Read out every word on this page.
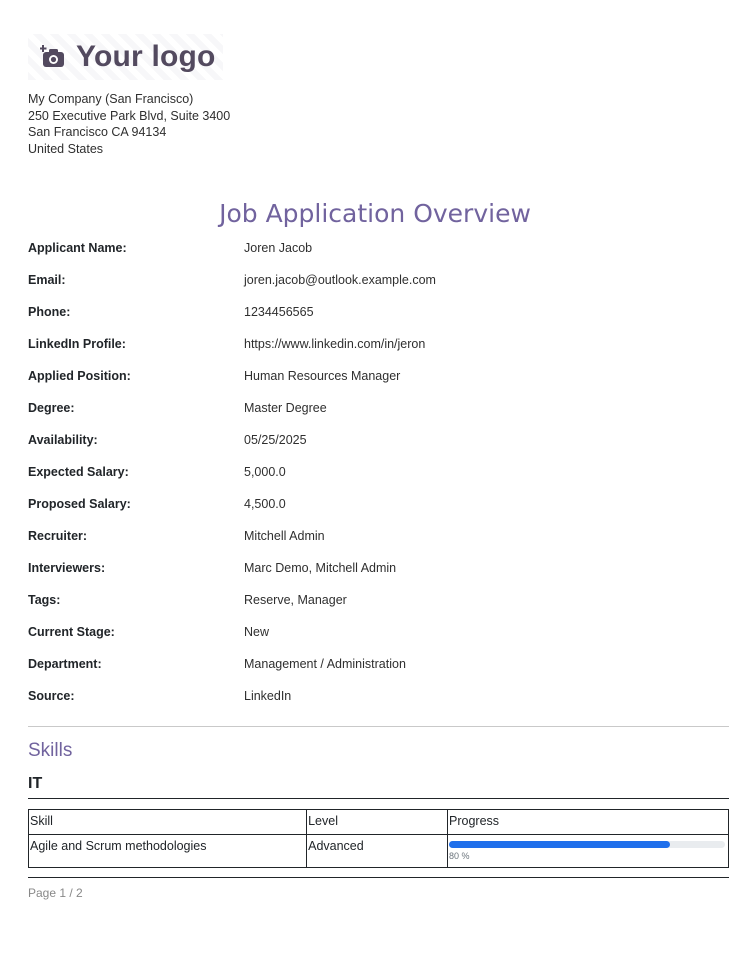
Your logo
My Company (San Francisco)
250 Executive Park Blvd, Suite 3400
San Francisco CA 94134
United States
Job Application Overview
Applicant Name:	Joren Jacob
Email:	joren.jacob@outlook.example.com
Phone:	1234456565
LinkedIn Profile:	https://www.linkedin.com/in/jeron
Applied Position:	Human Resources Manager
Degree:	Master Degree
Availability:	05/25/2025
Expected Salary:	5,000.0
Proposed Salary:	4,500.0
Recruiter:	Mitchell Admin
Interviewers:	Marc Demo, Mitchell Admin
Tags:	Reserve, Manager
Current Stage:	New
Department:	Management / Administration
Source:	LinkedIn
Skills
IT
Skill	Level	Progress
Agile and Scrum methodologies	Advanced	80 %
Page 1 / 2
